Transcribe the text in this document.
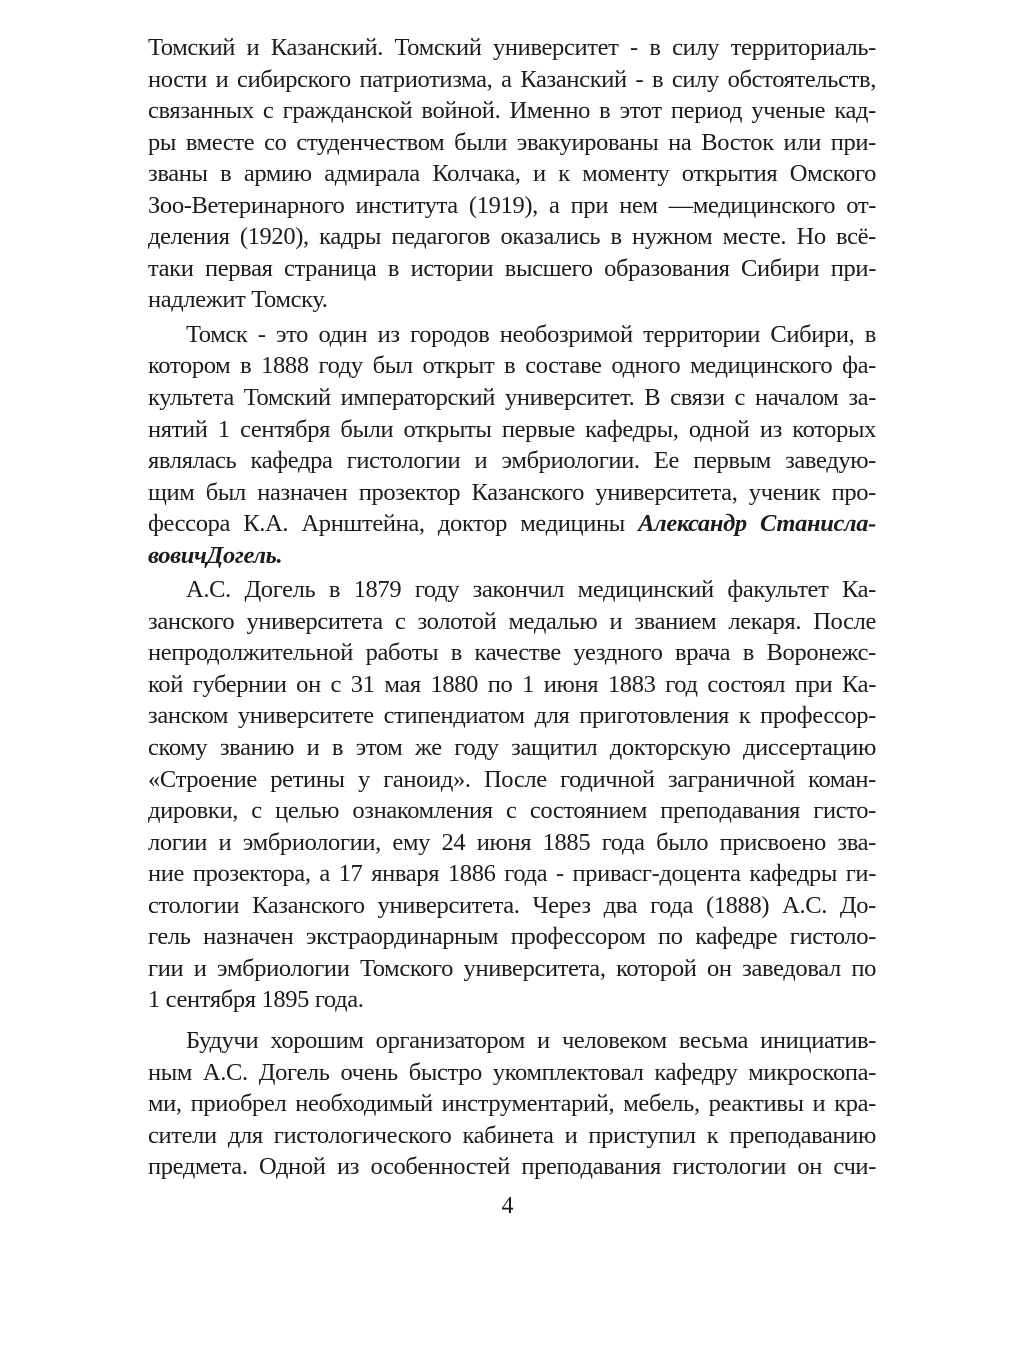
Томский и Казанский. Томский университет - в силу территориаль-
ности и сибирского патриотизма, а Казанский - в силу обстоятельств,
связанных с гражданской войной. Именно в этот период ученые кад-
ры вместе со студенчеством были эвакуированы на Восток или при-
званы в армию адмирала Колчака, и к моменту открытия Омского
Зоо-Ветеринарного института (1919), а при нем —медицинского от-
деления (1920), кадры педагогов оказались в нужном месте. Но всё-
таки первая страница в истории высшего образования Сибири при-
надлежит Томску.
Томск - это один из городов необозримой территории Сибири, в
котором в 1888 году был открыт в составе одного медицинского фа-
культета Томский императорский университет. В связи с началом за-
нятий 1 сентября были открыты первые кафедры, одной из которых
являлась кафедра гистологии и эмбриологии. Ее первым заведую-
щим был назначен прозектор Казанского университета, ученик про-
фессора К.А. Арнштейна, доктор медицины Александр Станисла-
вовичДогель.
А.С. Догель в 1879 году закончил медицинский факультет Ка-
занского университета с золотой медалью и званием лекаря. После
непродолжительной работы в качестве уездного врача в Воронежс-
кой губернии он с 31 мая 1880 по 1 июня 1883 год состоял при Ка-
занском университете стипендиатом для приготовления к профессор-
скому званию и в этом же году защитил докторскую диссертацию
«Строение ретины у ганоид». После годичной заграничной коман-
дировки, с целью ознакомления с состоянием преподавания гисто-
логии и эмбриологии, ему 24 июня 1885 года было присвоено зва-
ние прозектора, а 17 января 1886 года - привасг-доцента кафедры ги-
стологии Казанского университета. Через два года (1888) А.С. До-
гель назначен экстраординарным профессором по кафедре гистоло-
гии и эмбриологии Томского университета, которой он заведовал по
1 сентября 1895 года.
Будучи хорошим организатором и человеком весьма инициатив-
ным А.С. Догель очень быстро укомплектовал кафедру микроскопа-
ми, приобрел необходимый инструментарий, мебель, реактивы и кра-
сители для гистологического кабинета и приступил к преподаванию
предмета. Одной из особенностей преподавания гистологии он счи-
4
